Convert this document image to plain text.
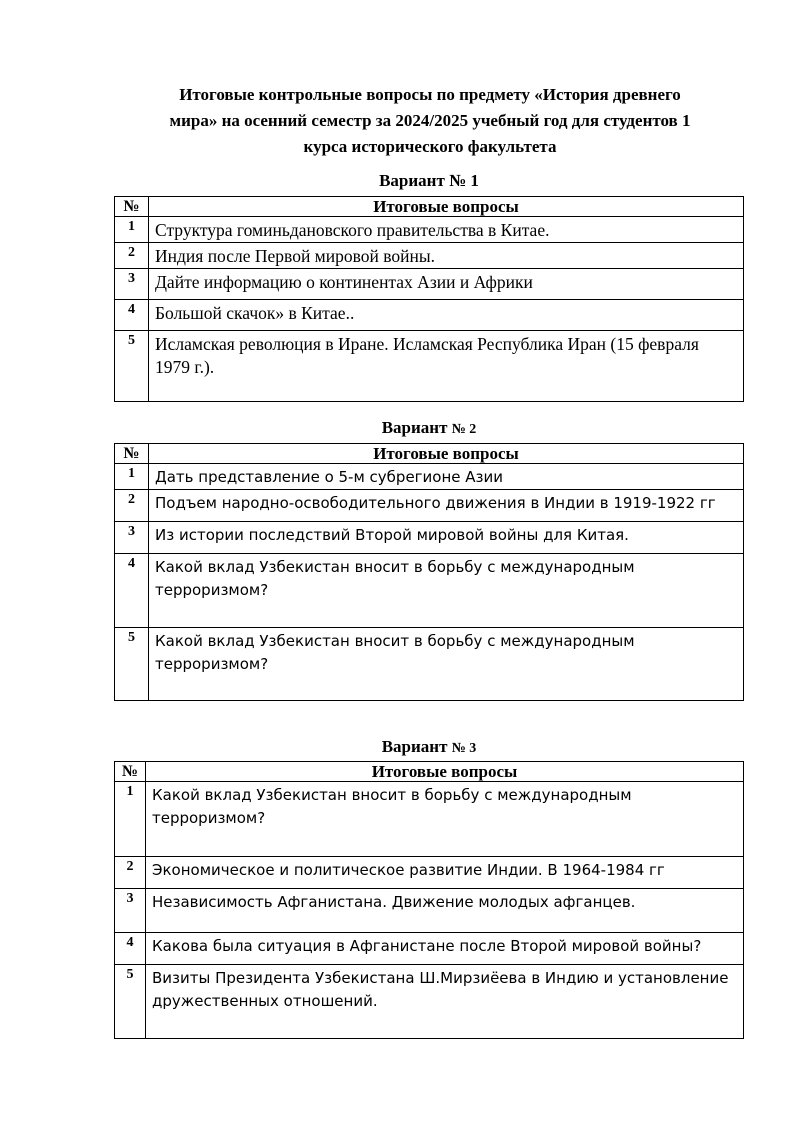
Итоговые контрольные вопросы по предмету «История древнего
мира» на осенний семестр за 2024/2025 учебный год для студентов 1
курса исторического факультета
Вариант № 1
№	Итоговые вопросы
1	Структура гоминьдановского правительства в Китае.
2	Индия после Первой мировой войны.
3	Дайте информацию о континентах Азии и Африки
4	Большой скачок» в Китае..
5	Исламская революция в Иране. Исламская Республика Иран (15 февраля 1979 г.).
Вариант № 2
№	Итоговые вопросы
1	Дать представление о 5-м субрегионе Азии
2	Подъем народно-освободительного движения в Индии в 1919-1922 гг
3	Из истории последствий Второй мировой войны для Китая.
4	Какой вклад Узбекистан вносит в борьбу с международным терроризмом?
5	Какой вклад Узбекистан вносит в борьбу с международным терроризмом?
Вариант № 3
№	Итоговые вопросы
1	Какой вклад Узбекистан вносит в борьбу с международным терроризмом?
2	Экономическое и политическое развитие Индии. В 1964-1984 гг
3	Независимость Афганистана. Движение молодых афганцев.
4	Какова была ситуация в Афганистане после Второй мировой войны?
5	Визиты Президента Узбекистана Ш.Мирзиёева в Индию и установление дружественных отношений.
